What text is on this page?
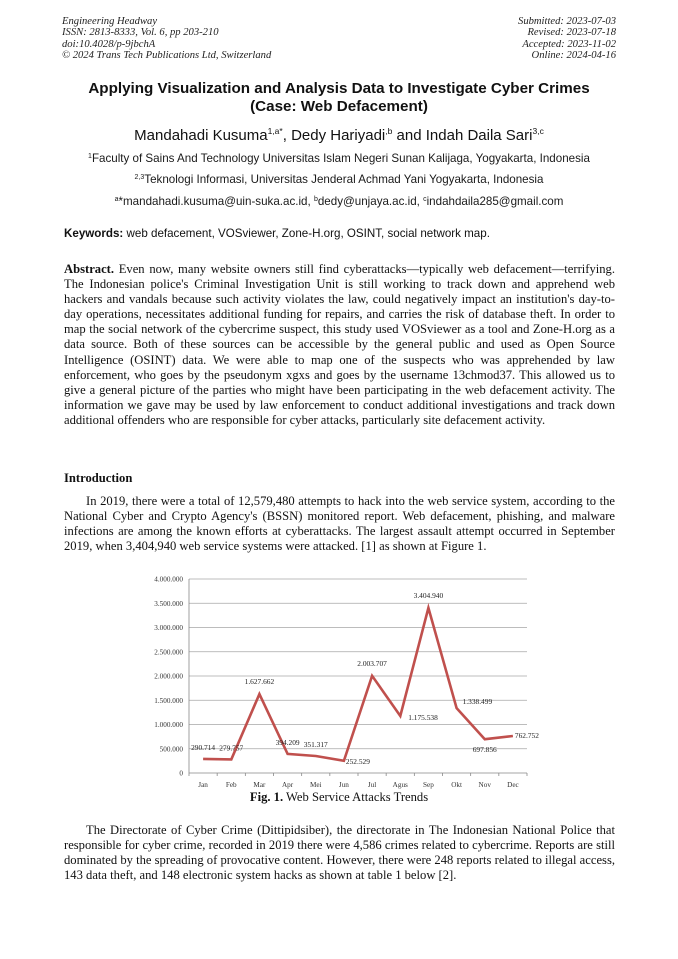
Engineering Headway
ISSN: 2813-8333, Vol. 6, pp 203-210
doi:10.4028/p-9jbchA
© 2024 Trans Tech Publications Ltd, Switzerland
Submitted: 2023-07-03
Revised: 2023-07-18
Accepted: 2023-11-02
Online: 2024-04-16
Applying Visualization and Analysis Data to Investigate Cyber Crimes
(Case: Web Defacement)
Mandahadi Kusuma$^{1,a*}$, Dedy Hariyadi$^{,b}$ and Indah Daila Sari$^{3,c}$
$^1$Faculty of Sains And Technology Universitas Islam Negeri Sunan Kalijaga, Yogyakarta, Indonesia
$^{2,3}$Teknologi Informasi, Universitas Jenderal Achmad Yani Yogyakarta, Indonesia
$^a$*mandahadi.kusuma@uin-suka.ac.id, $^b$dedy@unjaya.ac.id, $^c$indahdaila285@gmail.com
Keywords: web defacement, VOSviewer, Zone-H.org, OSINT, social network map.
Abstract. Even now, many website owners still find cyberattacks—typically web defacement—terrifying. The Indonesian police's Criminal Investigation Unit is still working to track down and apprehend web hackers and vandals because such activity violates the law, could negatively impact an institution's day-to-day operations, necessitates additional funding for repairs, and carries the risk of database theft. In order to map the social network of the cybercrime suspect, this study used VOSviewer as a tool and Zone-H.org as a data source. Both of these sources can be accessible by the general public and used as Open Source Intelligence (OSINT) data. We were able to map one of the suspects who was apprehended by law enforcement, who goes by the pseudonym xgxs and goes by the username 13chmod37. This allowed us to give a general picture of the parties who might have been participating in the web defacement activity. The information we gave may be used by law enforcement to conduct additional investigations and track down additional offenders who are responsible for cyber attacks, particularly site defacement activity.
Introduction
In 2019, there were a total of 12,579,480 attempts to hack into the web service system, according to the National Cyber and Crypto Agency's (BSSN) monitored report. Web defacement, phishing, and malware infections are among the known efforts at cyberattacks. The largest assault attempt occurred in September 2019, when 3,404,940 web service systems were attacked. [1] as shown at Figure 1.
0
500.000
1.000.000
1.500.000
2.000.000
2.500.000
3.000.000
3.500.000
4.000.000
Jan Feb Mar Apr Mei Jun	Jul Agus Sep Okt Nov Dec
290.714 279.757
1.627.662
394.209 351.317
252.529
2.003.707
1.175.538
3.404.940
1.338.499
697.856
762.752
Fig. 1. Web Service Attacks Trends
The Directorate of Cyber Crime (Dittipidsiber), the directorate in The Indonesian National Police that responsible for cyber crime, recorded in 2019 there were 4,586 crimes related to cybercrime. Reports are still dominated by the spreading of provocative content. However, there were 248 reports related to illegal access, 143 data theft, and 148 electronic system hacks as shown at table 1 below [2].
